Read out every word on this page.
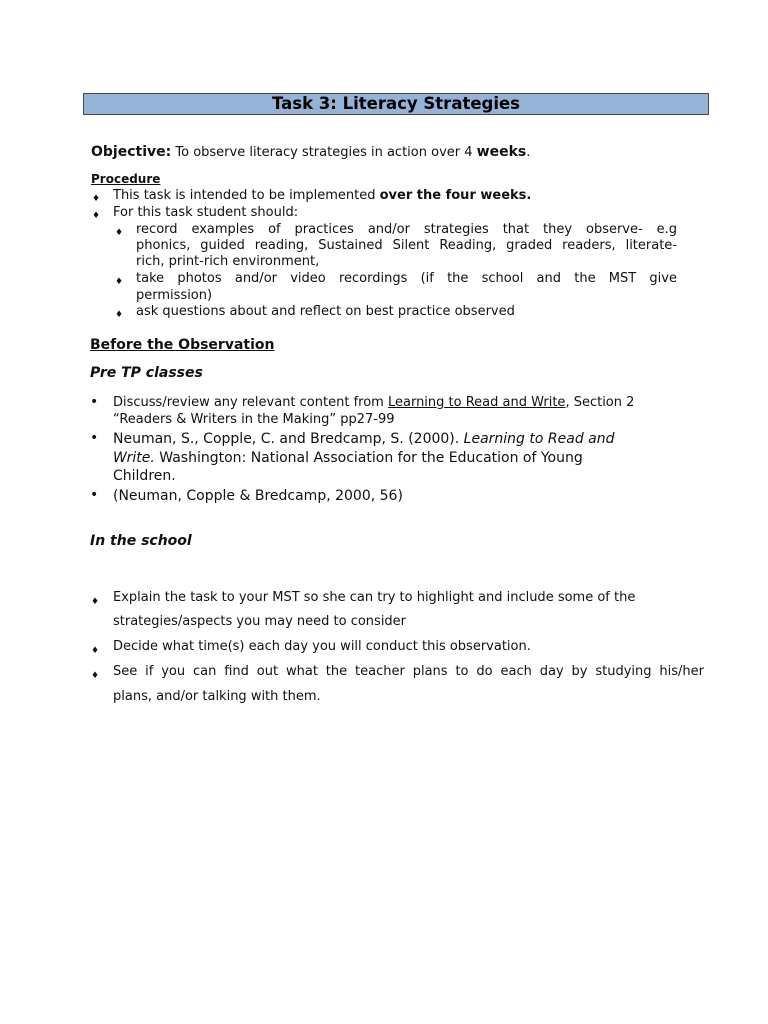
Task 3: Literacy Strategies
Objective: To observe literacy strategies in action over 4 weeks.
Procedure
♦ This task is intended to be implemented over the four weeks.
♦ For this task student should:
♦ record examples of practices and/or strategies that they observe- e.g
phonics, guided reading, Sustained Silent Reading, graded readers, literate-
rich, print-rich environment,
♦ take photos and/or video recordings (if the school and the MST give
permission)
♦ ask questions about and reflect on best practice observed
Before the Observation
Pre TP classes
• Discuss/review any relevant content from Learning to Read and Write, Section 2
“Readers & Writers in the Making” pp27-99
• Neuman, S., Copple, C. and Bredcamp, S. (2000). Learning to Read and
Write. Washington: National Association for the Education of Young
Children.
• (Neuman, Copple & Bredcamp, 2000, 56)
In the school
♦ Explain the task to your MST so she can try to highlight and include some of the
strategies/aspects you may need to consider
♦ Decide what time(s) each day you will conduct this observation.
♦ See if you can find out what the teacher plans to do each day by studying his/her
plans, and/or talking with them.
